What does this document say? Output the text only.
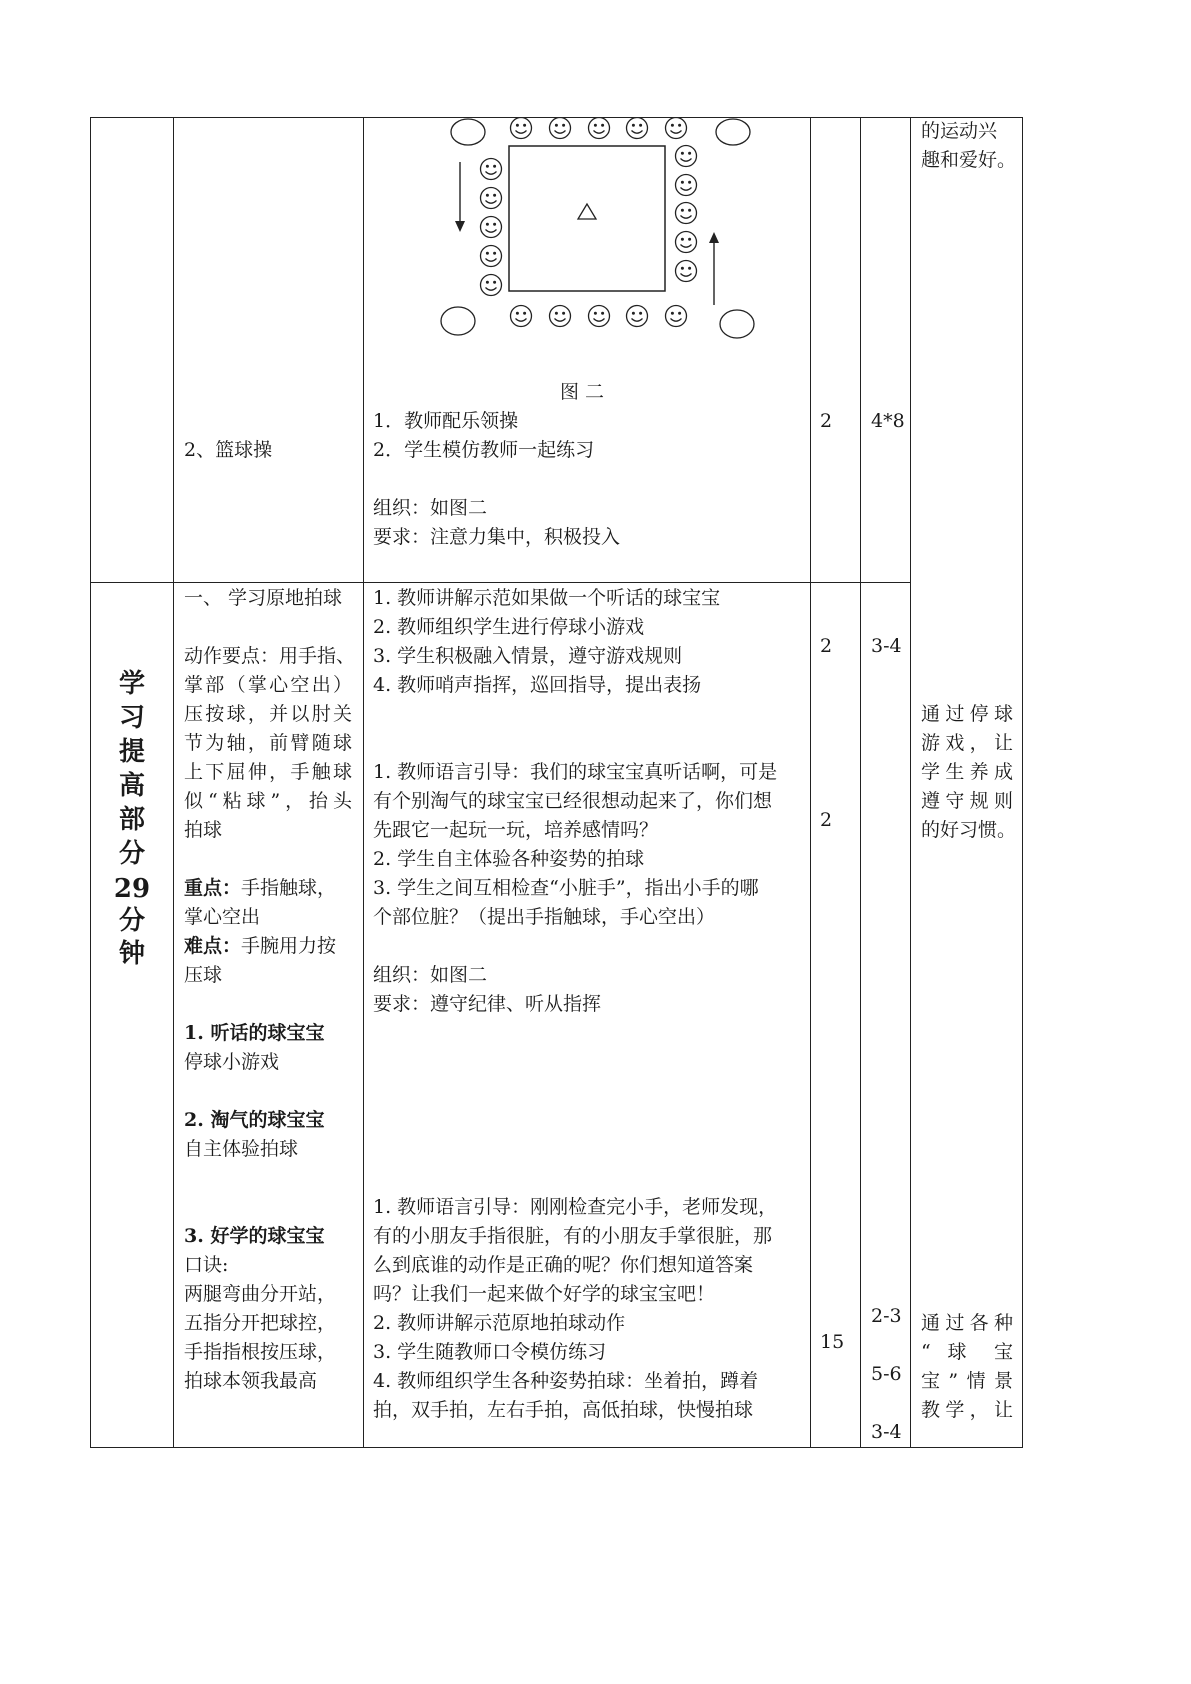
图 二
1．教师配乐领操
2．学生模仿教师一起练习
组织：如图二
要求：注意力集中，积极投入
2、篮球操
2 4*8
的运动兴
趣和爱好。
学
习
提
高
部
分
29
分
钟
一、 学习原地拍球
动作要点：用手指、
掌部（掌心空出）
压按球，并以肘关
节为轴，前臂随球
上下屈伸，手触球
似“粘球”，抬头
拍球
重点：手指触球，
掌心空出
难点：手腕用力按
压球
1. 听话的球宝宝
停球小游戏
2. 淘气的球宝宝
自主体验拍球
3. 好学的球宝宝
口诀:
两腿弯曲分开站，
五指分开把球控，
手指指根按压球，
拍球本领我最高
1. 教师讲解示范如果做一个听话的球宝宝
2. 教师组织学生进行停球小游戏
3. 学生积极融入情景，遵守游戏规则
4. 教师哨声指挥，巡回指导，提出表扬
1. 教师语言引导：我们的球宝宝真听话啊，可是
有个别淘气的球宝宝已经很想动起来了，你们想
先跟它一起玩一玩，培养感情吗？
2. 学生自主体验各种姿势的拍球
3. 学生之间互相检查“小脏手”，指出小手的哪
个部位脏？（提出手指触球，手心空出）
组织：如图二
要求：遵守纪律、听从指挥
1. 教师语言引导：刚刚检查完小手，老师发现，
有的小朋友手指很脏，有的小朋友手掌很脏，那
么到底谁的动作是正确的呢？你们想知道答案
吗？让我们一起来做个好学的球宝宝吧！
2. 教师讲解示范原地拍球动作
3. 学生随教师口令模仿练习
4. 教师组织学生各种姿势拍球：坐着拍，蹲着
拍，双手拍，左右手拍，高低拍球，快慢拍球
2
2
15
3-4
2-3
5-6
3-4
通过停球
游戏，让
学生养成
遵守规则
的好习惯。
通过各种
“ 球 宝
宝”情景
教学，让
